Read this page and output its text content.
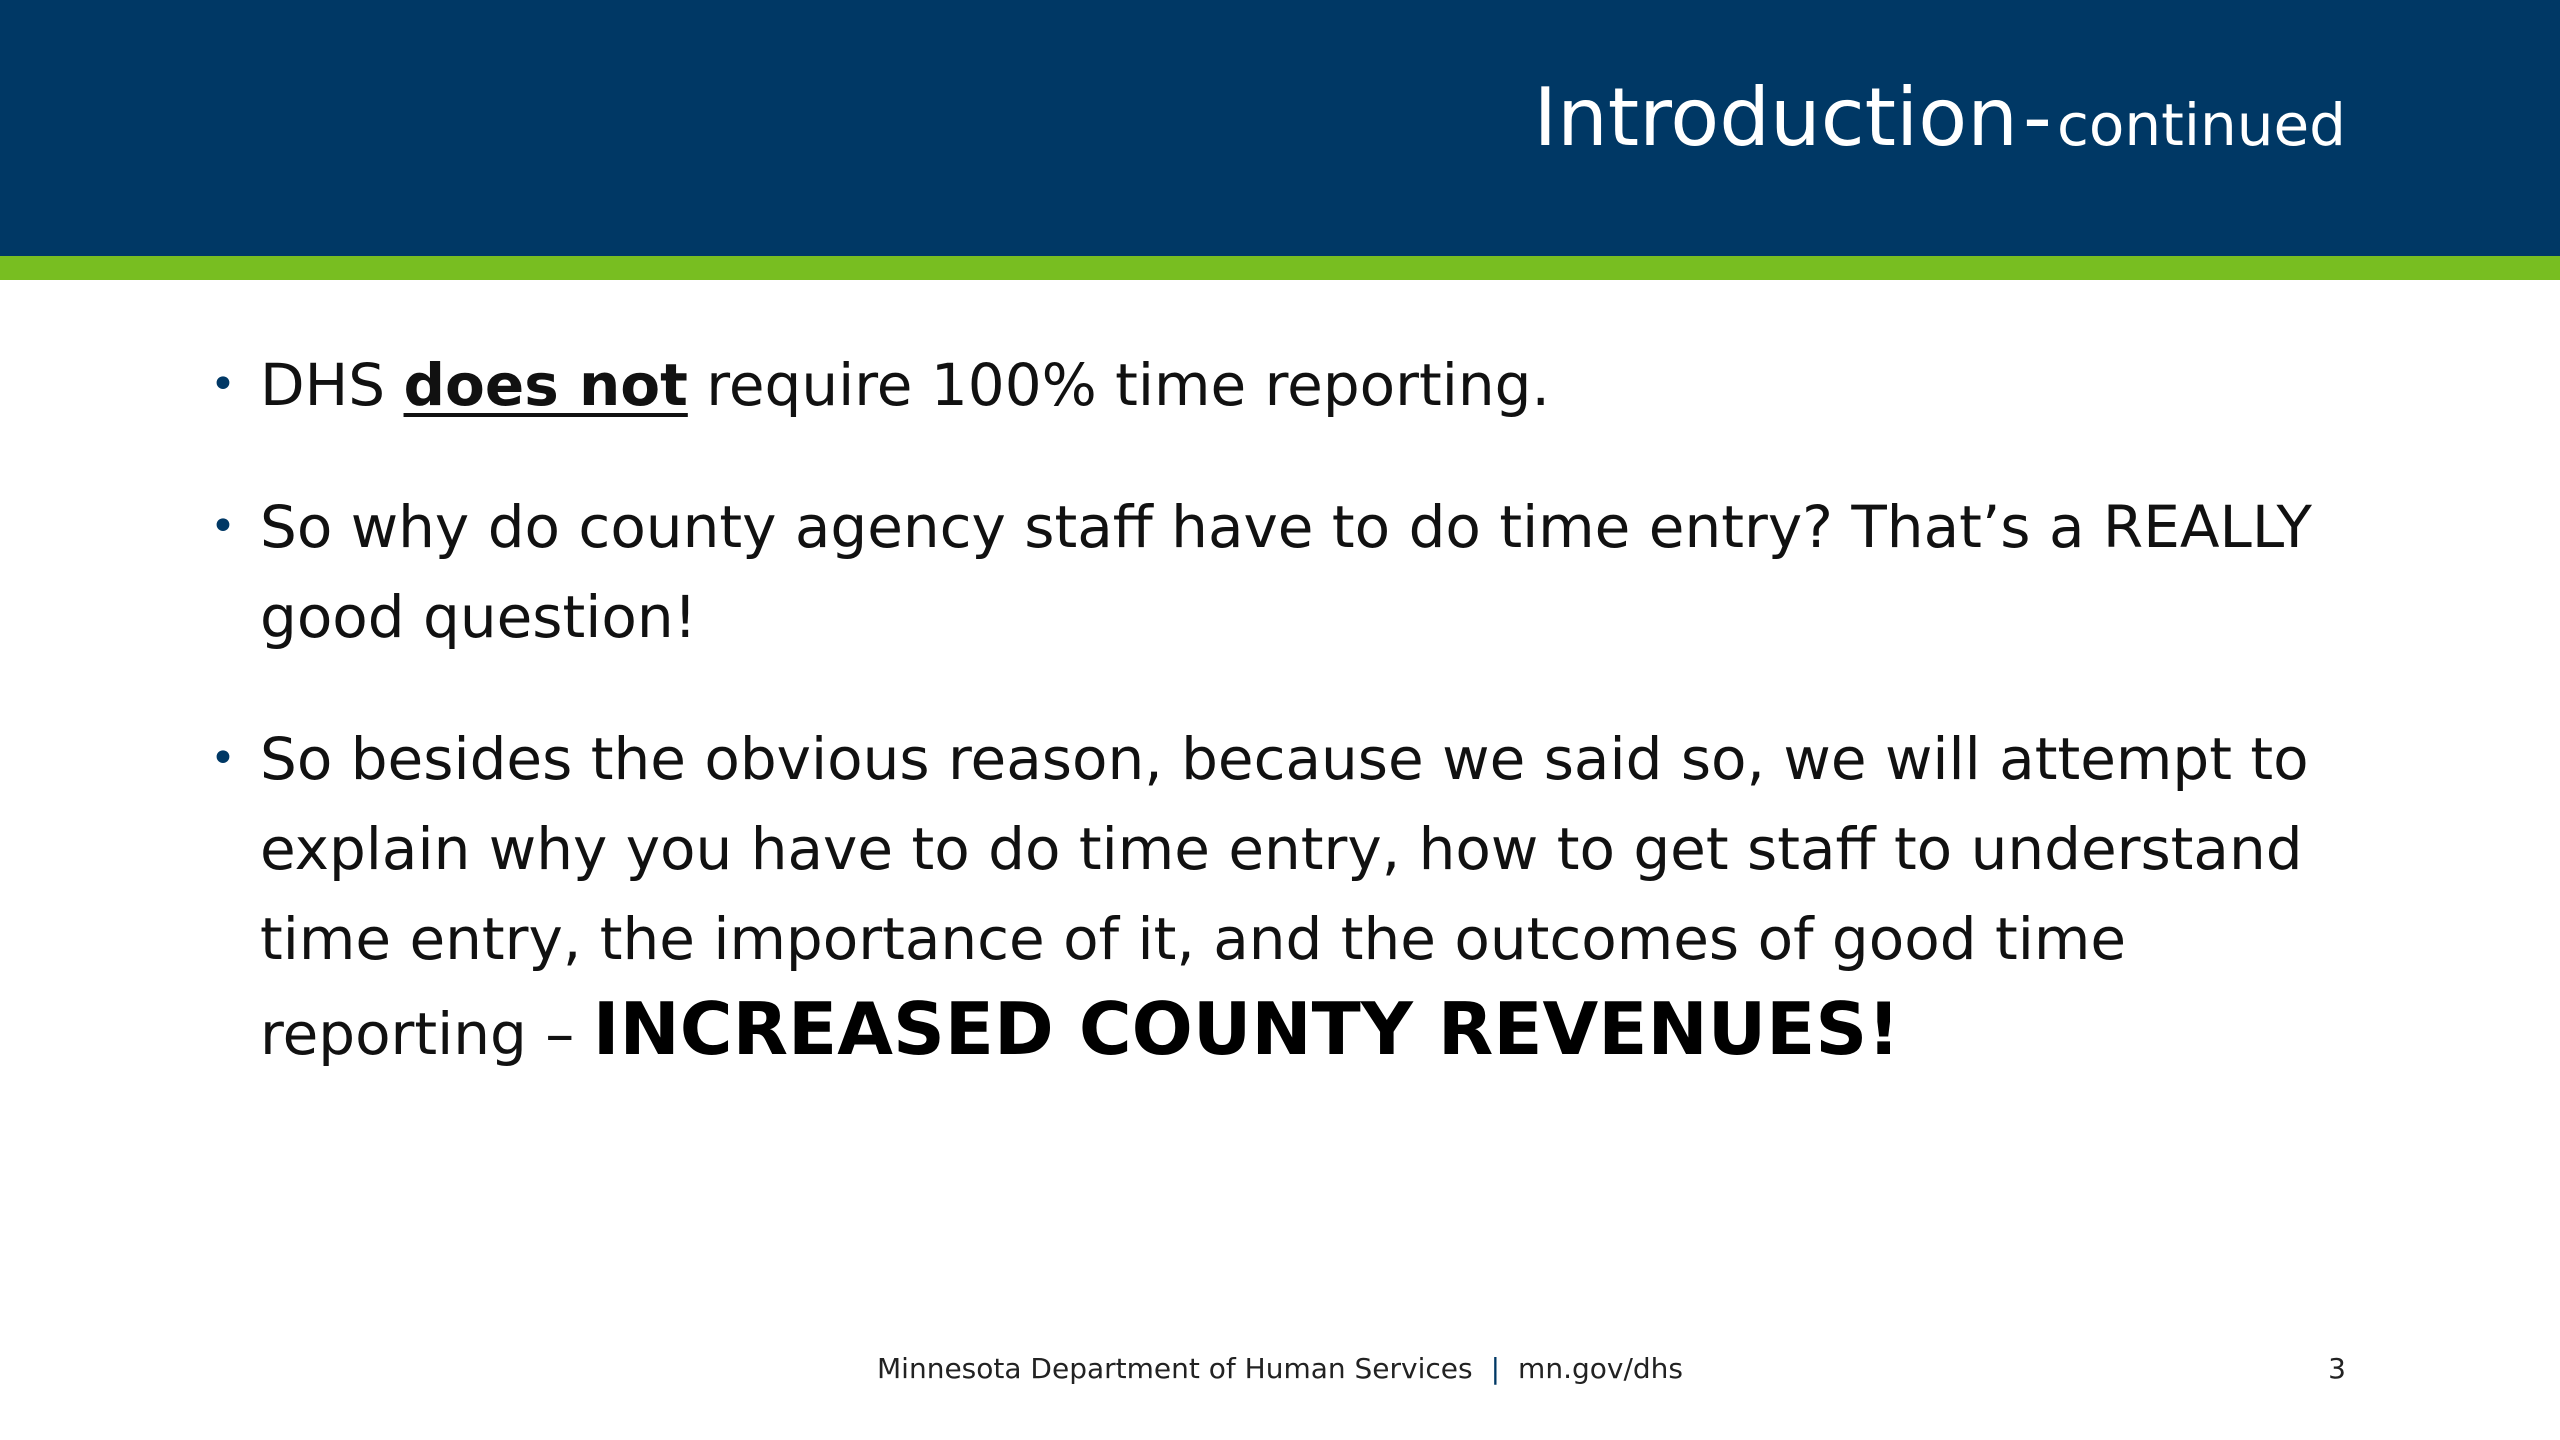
Introduction - continued
• DHS does not require 100% time reporting.
• So why do county agency staff have to do time entry? That’s a REALLY good question!
• So besides the obvious reason, because we said so, we will attempt to explain why you have to do time entry, how to get staff to understand time entry, the importance of it, and the outcomes of good time reporting – INCREASED COUNTY REVENUES!
Minnesota Department of Human Services | mn.gov/dhs	3
